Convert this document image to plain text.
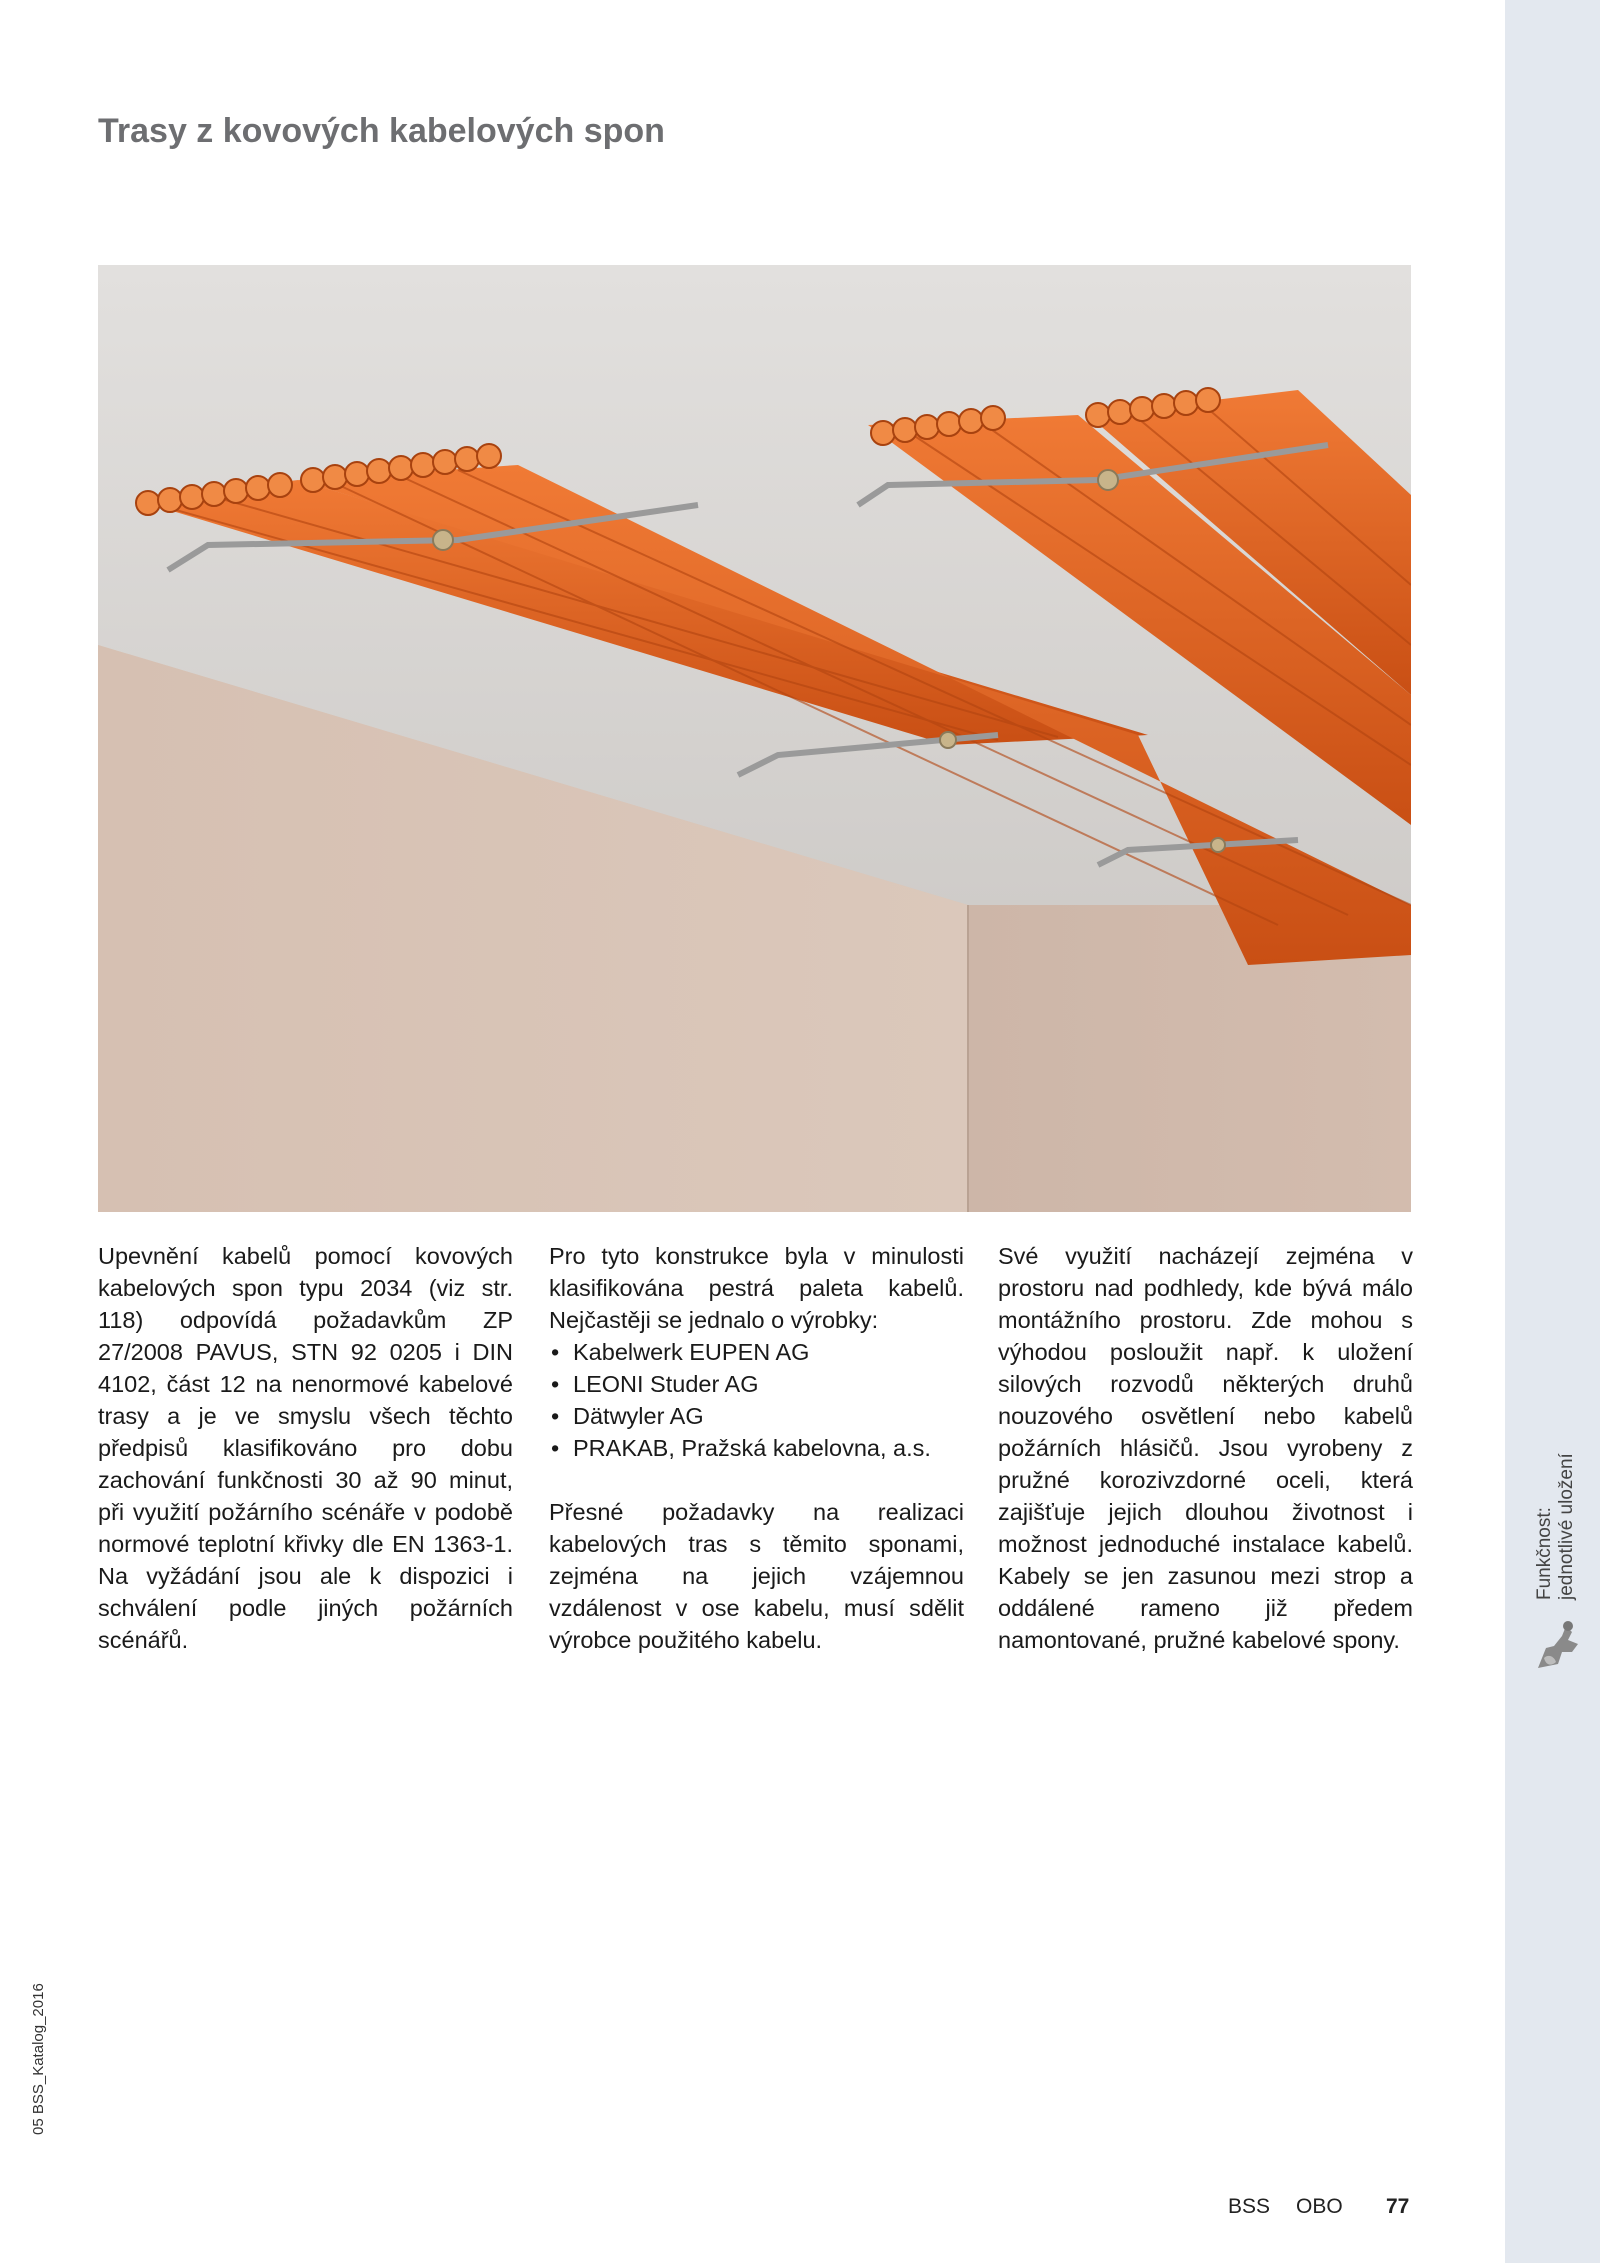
Trasy z kovových kabelových spon

Upevnění kabelů pomocí kovových kabelových spon typu 2034 (viz str. 118) odpovídá požadavkům ZP 27/2008 PAVUS, STN 92 0205 i DIN 4102, část 12 na nenormové kabelové trasy a je ve smyslu všech těchto předpisů klasifikováno pro dobu zachování funkčnosti 30 až 90 minut, při využití požárního scénáře v podobě normové teplotní křivky dle EN 1363-1. Na vyžádání jsou ale k dispozici i schválení podle jiných požárních scénářů.

Pro tyto konstrukce byla v minulosti klasifikována pestrá paleta kabelů. Nejčastěji se jednalo o výrobky:

• Kabelwerk EUPEN AG
• LEONI Studer AG
• Dätwyler AG
• PRAKAB, Pražská kabelovna, a.s.

Přesné požadavky na realizaci kabelových tras s těmito sponami, zejména na jejich vzájemnou vzdálenost v ose kabelu, musí sdělit výrobce použitého kabelu.

Své využití nacházejí zejména v prostoru nad podhledy, kde bývá málo montážního prostoru. Zde mohou s výhodou posloužit např. k uložení silových rozvodů některých druhů nouzového osvětlení nebo kabelů požárních hlásičů. Jsou vyrobeny z pružné korozivzdorné oceli, která zajišťuje jejich dlouhou životnost i možnost jednoduché instalace kabelů. Kabely se jen zasunou mezi strop a oddálené rameno již předem namontované, pružné kabelové spony.

Funkčnost: jednotlivé uložení
05 BSS_Katalog_2016
BSS OBO 77
